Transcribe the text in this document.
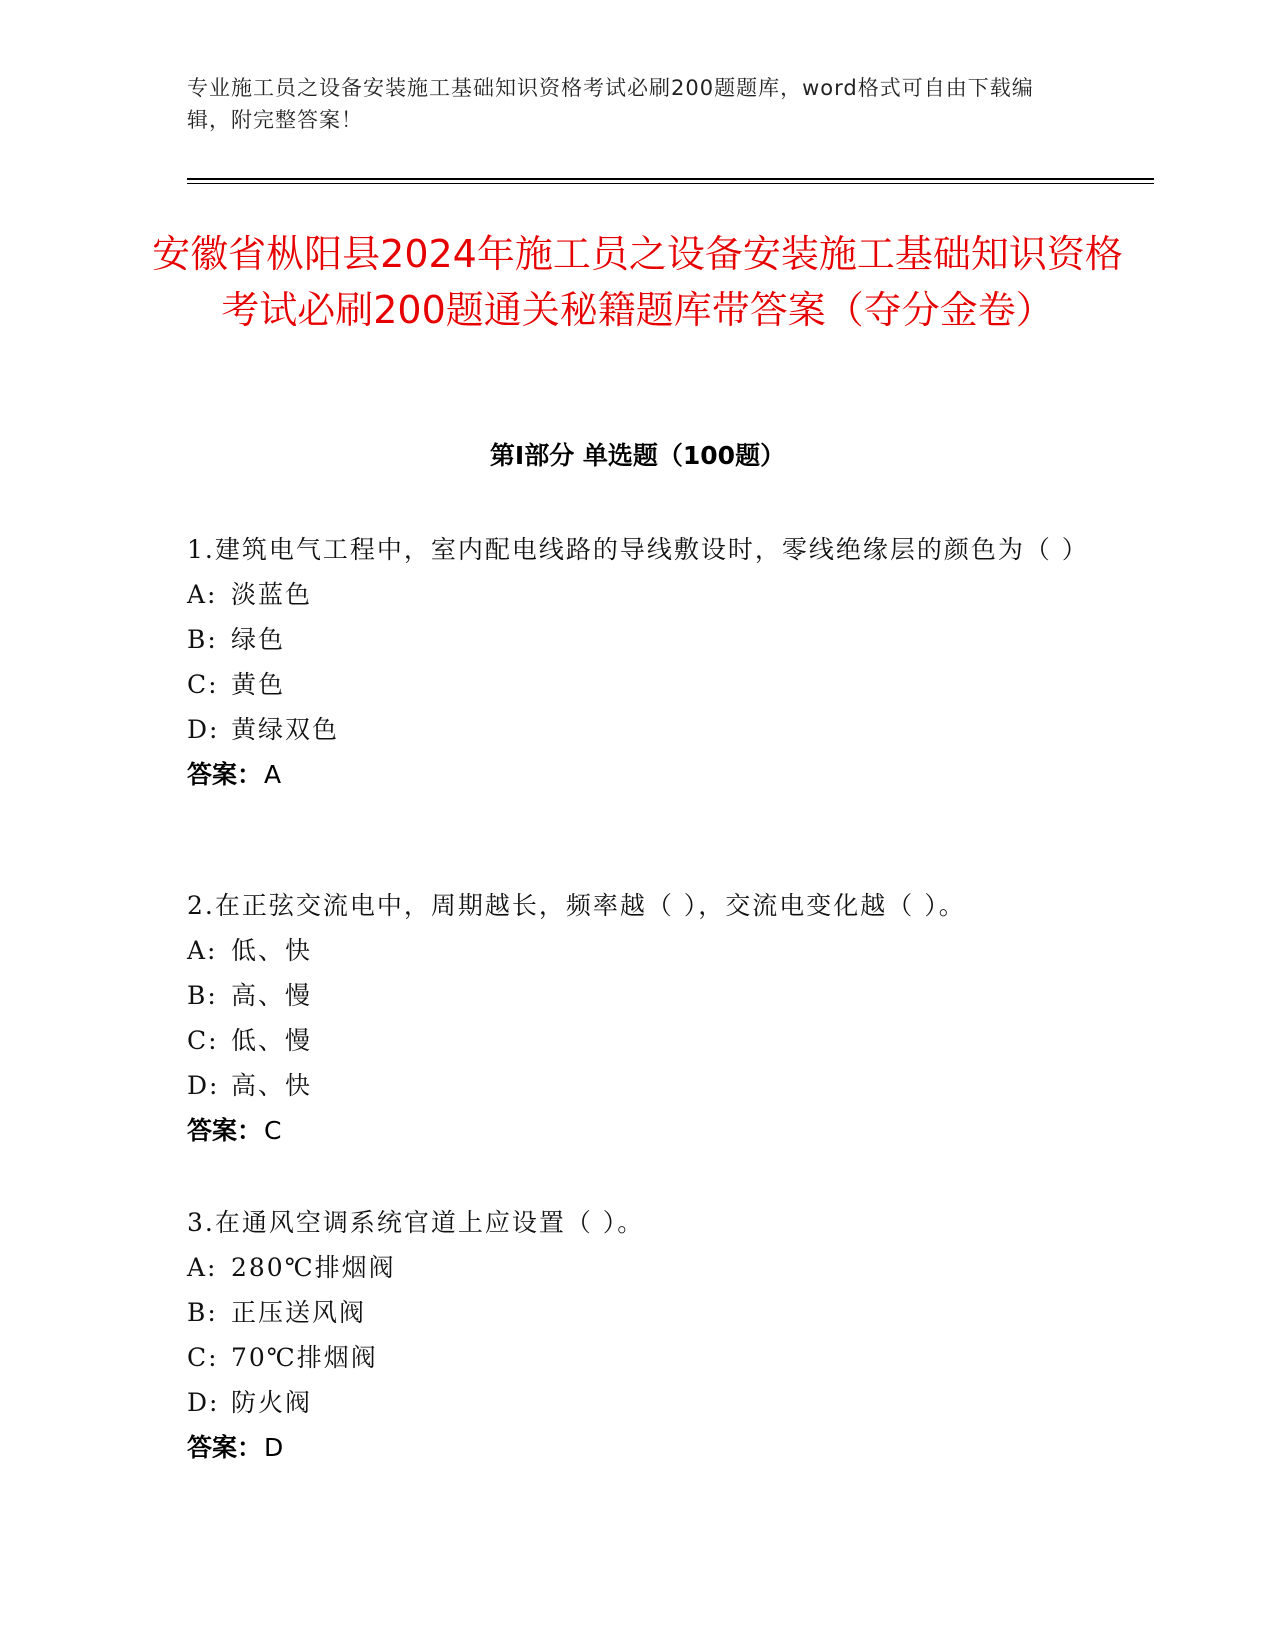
专业施工员之设备安装施工基础知识资格考试必刷200题题库，word格式可自由下载编辑，附完整答案！
安徽省枞阳县2024年施工员之设备安装施工基础知识资格考试必刷200题通关秘籍题库带答案（夺分金卷）
第Ⅰ部分 单选题（100题）
1.建筑电气工程中，室内配电线路的导线敷设时，零线绝缘层的颜色为（ ）
A: 淡蓝色
B: 绿色
C: 黄色
D: 黄绿双色
答案：A
2.在正弦交流电中，周期越长，频率越（ ），交流电变化越（ ）。
A: 低、快
B: 高、慢
C: 低、慢
D: 高、快
答案：C
3.在通风空调系统官道上应设置（ ）。
A: 280℃排烟阀
B: 正压送风阀
C: 70℃排烟阀
D: 防火阀
答案：D
